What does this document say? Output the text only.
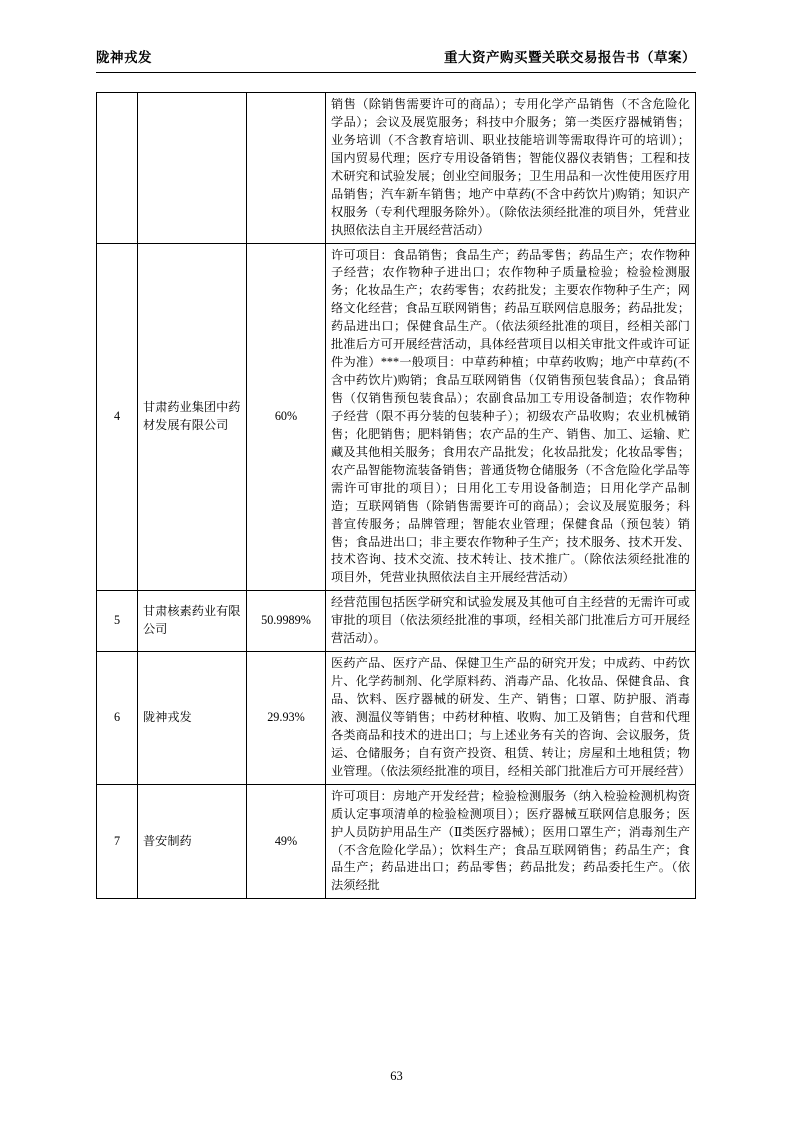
陇神戎发	重大资产购买暨关联交易报告书（草案）

			销售（除销售需要许可的商品）；专用化学产品销售（不含危险化学品）；会议及展览服务；科技中介服务；第一类医疗器械销售；业务培训（不含教育培训、职业技能培训等需取得许可的培训）；国内贸易代理；医疗专用设备销售；智能仪器仪表销售；工程和技术研究和试验发展；创业空间服务；卫生用品和一次性使用医疗用品销售；汽车新车销售；地产中草药(不含中药饮片)购销；知识产权服务（专利代理服务除外）。（除依法须经批准的项目外，凭营业执照依法自主开展经营活动）

4	甘肃药业集团中药材发展有限公司	60%	许可项目：食品销售；食品生产；药品零售；药品生产；农作物种子经营；农作物种子进出口；农作物种子质量检验；检验检测服务；化妆品生产；农药零售；农药批发；主要农作物种子生产；网络文化经营；食品互联网销售；药品互联网信息服务；药品批发；药品进出口；保健食品生产。（依法须经批准的项目，经相关部门批准后方可开展经营活动，具体经营项目以相关审批文件或许可证件为准）***一般项目：中草药种植；中草药收购；地产中草药(不含中药饮片)购销；食品互联网销售（仅销售预包装食品）；食品销售（仅销售预包装食品）；农副食品加工专用设备制造；农作物种子经营（限不再分装的包装种子）；初级农产品收购；农业机械销售；化肥销售；肥料销售；农产品的生产、销售、加工、运输、贮藏及其他相关服务；食用农产品批发；化妆品批发；化妆品零售；农产品智能物流装备销售；普通货物仓储服务（不含危险化学品等需许可审批的项目）；日用化工专用设备制造；日用化学产品制造；互联网销售（除销售需要许可的商品）；会议及展览服务；科普宣传服务；品牌管理；智能农业管理；保健食品（预包装）销售；食品进出口；非主要农作物种子生产；技术服务、技术开发、技术咨询、技术交流、技术转让、技术推广。（除依法须经批准的项目外，凭营业执照依法自主开展经营活动）

5	甘肃核素药业有限公司	50.9989%	经营范围包括医学研究和试验发展及其他可自主经营的无需许可或审批的项目（依法须经批准的事项，经相关部门批准后方可开展经营活动）。

6	陇神戎发	29.93%	医药产品、医疗产品、保健卫生产品的研究开发；中成药、中药饮片、化学药制剂、化学原料药、消毒产品、化妆品、保健食品、食品、饮料、医疗器械的研发、生产、销售；口罩、防护服、消毒液、测温仪等销售；中药材种植、收购、加工及销售；自营和代理各类商品和技术的进出口；与上述业务有关的咨询、会议服务，货运、仓储服务；自有资产投资、租赁、转让；房屋和土地租赁；物业管理。（依法须经批准的项目，经相关部门批准后方可开展经营）

7	普安制药	49%	许可项目：房地产开发经营；检验检测服务（纳入检验检测机构资质认定事项清单的检验检测项目）；医疗器械互联网信息服务；医护人员防护用品生产（Ⅱ类医疗器械）；医用口罩生产；消毒剂生产（不含危险化学品）；饮料生产；食品互联网销售；药品生产；食品生产；药品进出口；药品零售；药品批发；药品委托生产。（依法须经批
63
